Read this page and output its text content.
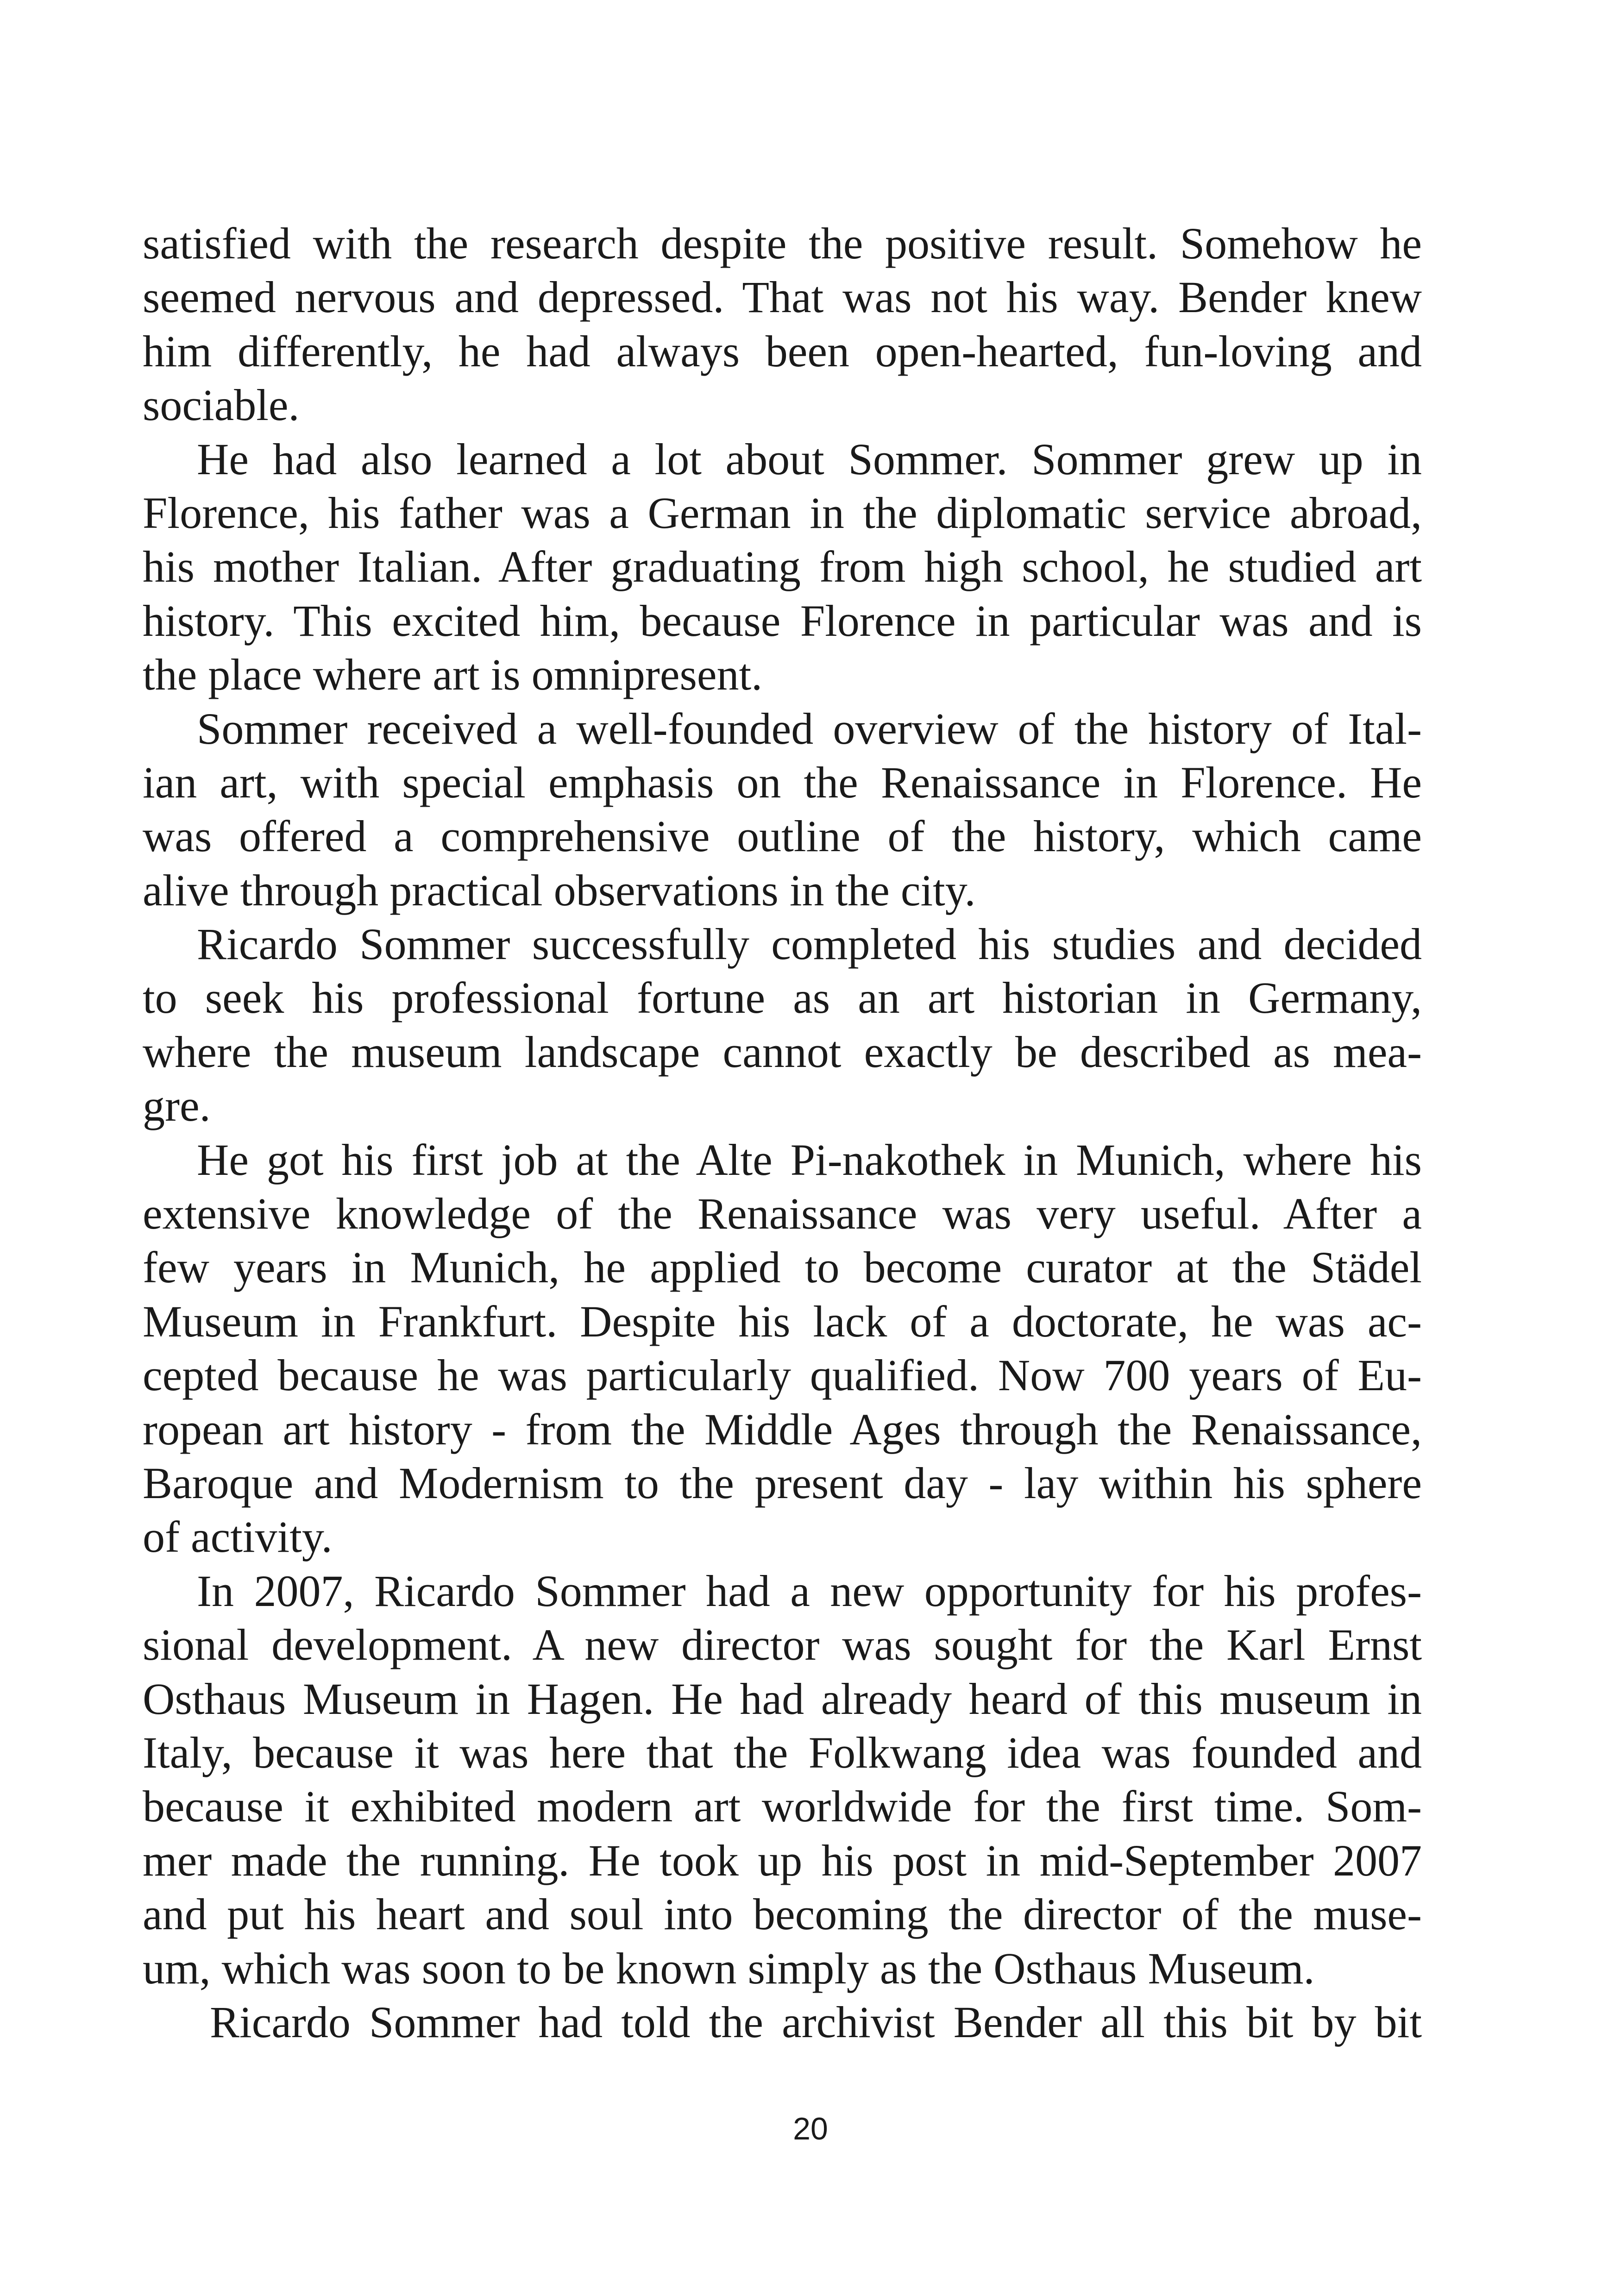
satisfied with the research despite the positive result. Somehow he
seemed nervous and depressed. That was not his way. Bender knew
him differently, he had always been open-hearted, fun-loving and
sociable.
He had also learned a lot about Sommer. Sommer grew up in
Florence, his father was a German in the diplomatic service abroad,
his mother Italian. After graduating from high school, he studied art
history. This excited him, because Florence in particular was and is
the place where art is omnipresent.
Sommer received a well-founded overview of the history of Ital-
ian art, with special emphasis on the Renaissance in Florence. He
was offered a comprehensive outline of the history, which came
alive through practical observations in the city.
Ricardo Sommer successfully completed his studies and decided
to seek his professional fortune as an art historian in Germany,
where the museum landscape cannot exactly be described as mea-
gre.
He got his first job at the Alte Pi-nakothek in Munich, where his
extensive knowledge of the Renaissance was very useful. After a
few years in Munich, he applied to become curator at the Städel
Museum in Frankfurt. Despite his lack of a doctorate, he was ac-
cepted because he was particularly qualified. Now 700 years of Eu-
ropean art history - from the Middle Ages through the Renaissance,
Baroque and Modernism to the present day - lay within his sphere
of activity.
In 2007, Ricardo Sommer had a new opportunity for his profes-
sional development. A new director was sought for the Karl Ernst
Osthaus Museum in Hagen. He had already heard of this museum in
Italy, because it was here that the Folkwang idea was founded and
because it exhibited modern art worldwide for the first time. Som-
mer made the running. He took up his post in mid-September 2007
and put his heart and soul into becoming the director of the muse-
um, which was soon to be known simply as the Osthaus Museum.
Ricardo Sommer had told the archivist Bender all this bit by bit
20
